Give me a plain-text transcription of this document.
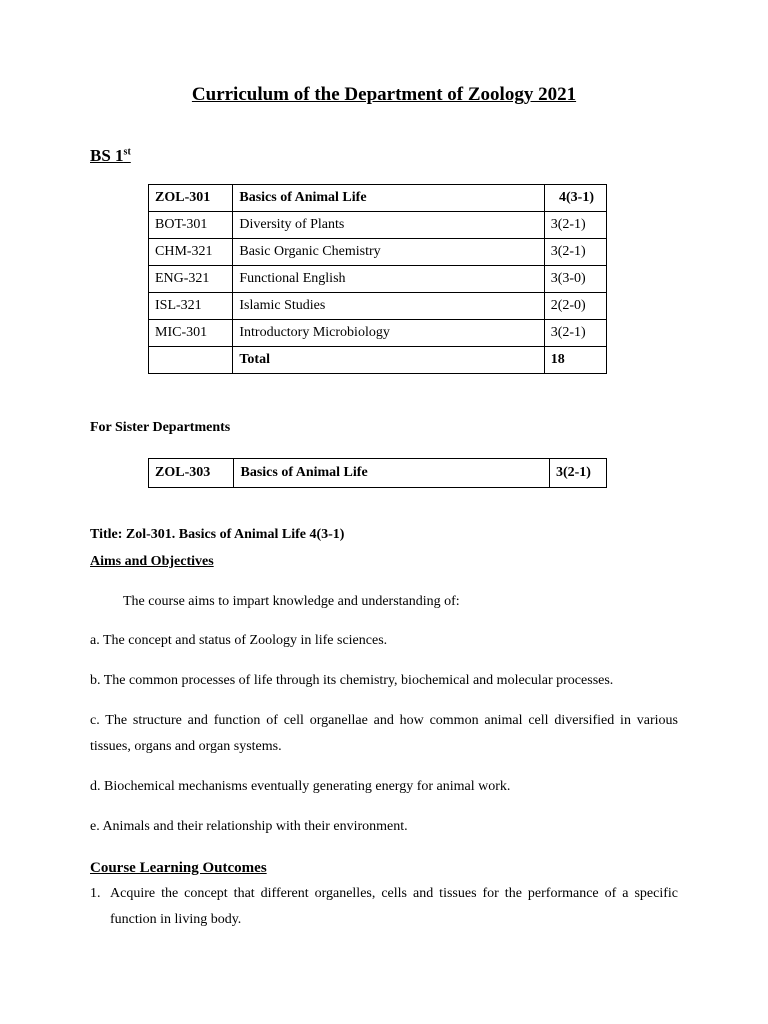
Curriculum of the Department of Zoology 2021
BS 1st
ZOL-301	Basics of Animal Life	4(3-1)
BOT-301	Diversity of Plants	3(2-1)
CHM-321	Basic Organic Chemistry	3(2-1)
ENG-321	Functional English	3(3-0)
ISL-321	Islamic Studies	2(2-0)
MIC-301	Introductory Microbiology	3(2-1)
	Total	18
For Sister Departments
ZOL-303	Basics of Animal Life	3(2-1)
Title: Zol-301. Basics of Animal Life 4(3-1)
Aims and Objectives
The course aims to impart knowledge and understanding of:
a. The concept and status of Zoology in life sciences.
b. The common processes of life through its chemistry, biochemical and molecular processes.
c. The structure and function of cell organellae and how common animal cell diversified in various tissues, organs and organ systems.
d. Biochemical mechanisms eventually generating energy for animal work.
e. Animals and their relationship with their environment.
Course Learning Outcomes
1. Acquire the concept that different organelles, cells and tissues for the performance of a specific function in living body.
